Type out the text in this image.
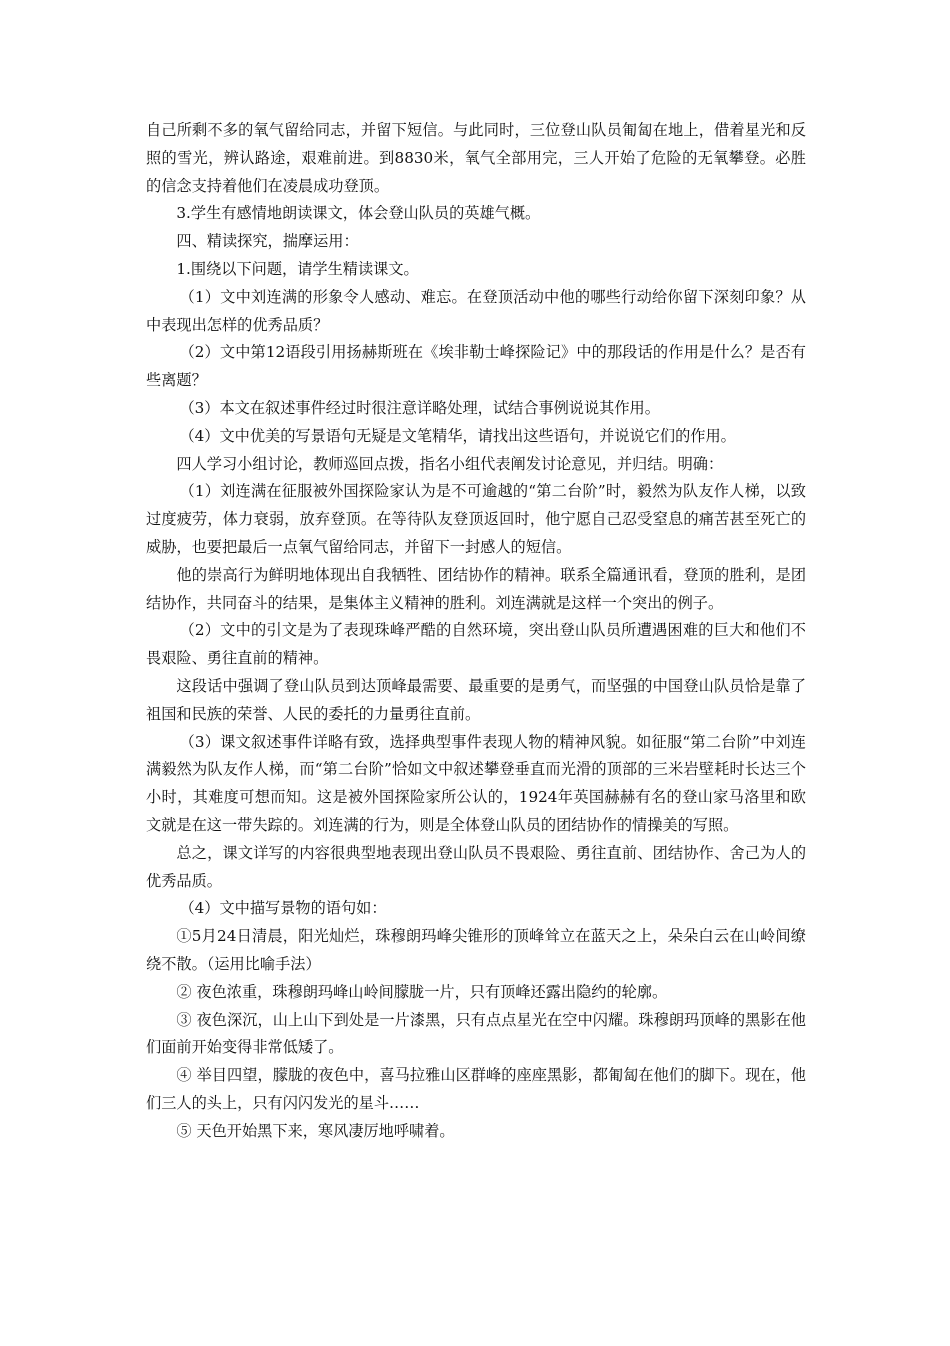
自己所剩不多的氧气留给同志，并留下短信。与此同时，三位登山队员匍匐在地上，借着星光和反照的雪光，辨认路途，艰难前进。到8830米，氧气全部用完，三人开始了危险的无氧攀登。必胜的信念支持着他们在凌晨成功登顶。

3.学生有感情地朗读课文，体会登山队员的英雄气概。

四、精读探究，揣摩运用：

1.围绕以下问题，请学生精读课文。

（1）文中刘连满的形象令人感动、难忘。在登顶活动中他的哪些行动给你留下深刻印象？从中表现出怎样的优秀品质？

（2）文中第12语段引用扬赫斯班在《埃非勒士峰探险记》中的那段话的作用是什么？是否有些离题？

（3）本文在叙述事件经过时很注意详略处理，试结合事例说说其作用。

（4）文中优美的写景语句无疑是文笔精华，请找出这些语句，并说说它们的作用。

四人学习小组讨论，教师巡回点拨，指名小组代表阐发讨论意见，并归结。明确：

（1）刘连满在征服被外国探险家认为是不可逾越的“第二台阶”时，毅然为队友作人梯，以致过度疲劳，体力衰弱，放弃登顶。在等待队友登顶返回时，他宁愿自己忍受窒息的痛苦甚至死亡的威胁，也要把最后一点氧气留给同志，并留下一封感人的短信。

他的崇高行为鲜明地体现出自我牺牲、团结协作的精神。联系全篇通讯看，登顶的胜利，是团结协作，共同奋斗的结果，是集体主义精神的胜利。刘连满就是这样一个突出的例子。

（2）文中的引文是为了表现珠峰严酷的自然环境，突出登山队员所遭遇困难的巨大和他们不畏艰险、勇往直前的精神。

这段话中强调了登山队员到达顶峰最需要、最重要的是勇气，而坚强的中国登山队员恰是靠了祖国和民族的荣誉、人民的委托的力量勇往直前。

（3）课文叙述事件详略有致，选择典型事件表现人物的精神风貌。如征服“第二台阶”中刘连满毅然为队友作人梯，而“第二台阶”恰如文中叙述攀登垂直而光滑的顶部的三米岩壁耗时长达三个小时，其难度可想而知。这是被外国探险家所公认的，1924年英国赫赫有名的登山家马洛里和欧文就是在这一带失踪的。刘连满的行为，则是全体登山队员的团结协作的情操美的写照。

总之，课文详写的内容很典型地表现出登山队员不畏艰险、勇往直前、团结协作、舍己为人的优秀品质。

（4）文中描写景物的语句如：

①5月24日清晨，阳光灿烂，珠穆朗玛峰尖锥形的顶峰耸立在蓝天之上，朵朵白云在山岭间缭绕不散。（运用比喻手法）

② 夜色浓重，珠穆朗玛峰山岭间朦胧一片，只有顶峰还露出隐约的轮廓。

③ 夜色深沉，山上山下到处是一片漆黑，只有点点星光在空中闪耀。珠穆朗玛顶峰的黑影在他们面前开始变得非常低矮了。

④ 举目四望，朦胧的夜色中，喜马拉雅山区群峰的座座黑影，都匍匐在他们的脚下。现在，他们三人的头上，只有闪闪发光的星斗……

⑤ 天色开始黑下来，寒风凄厉地呼啸着。
